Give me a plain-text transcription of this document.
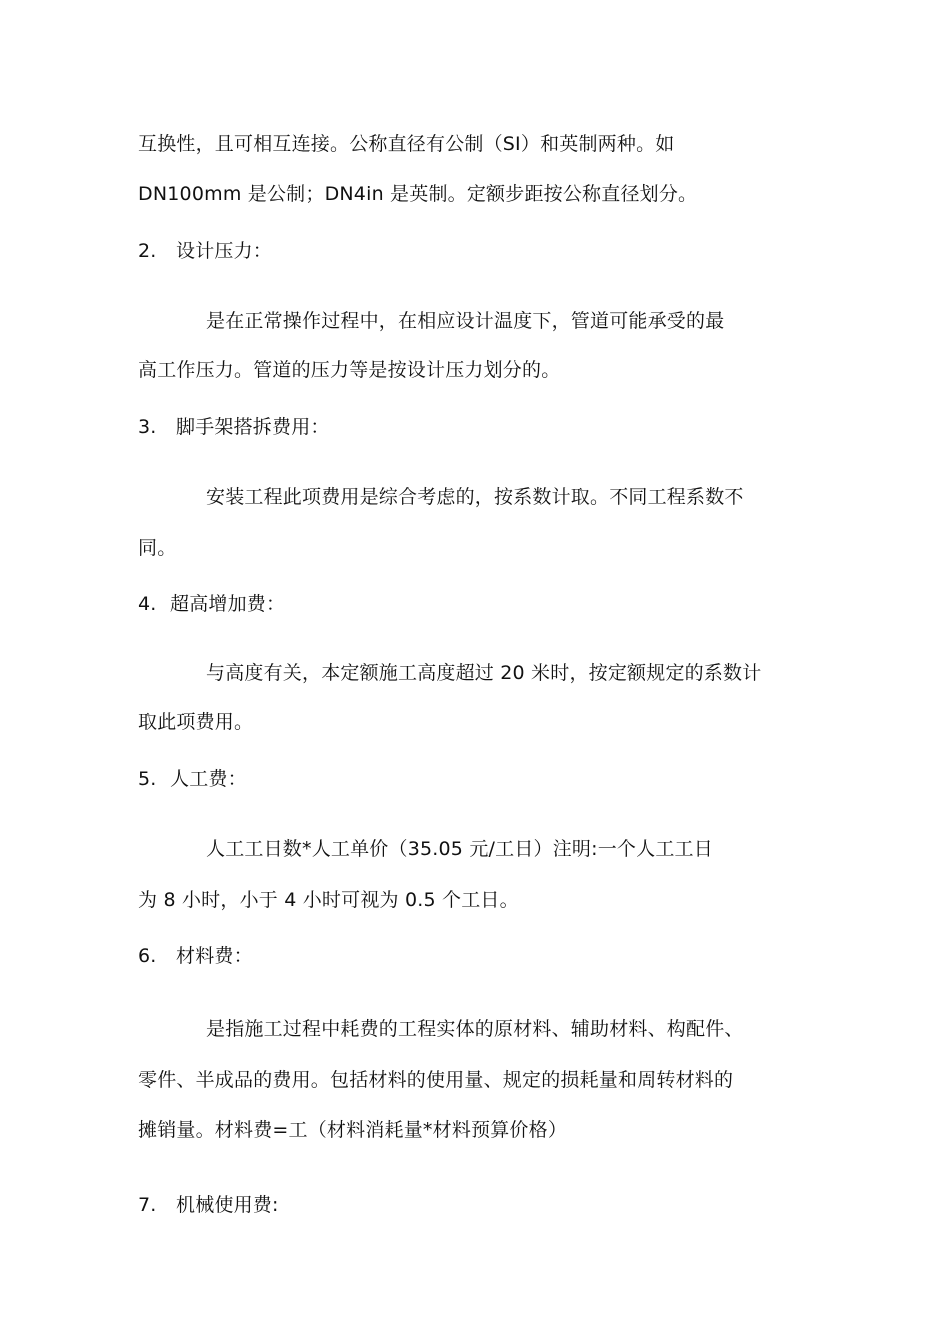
互换性，且可相互连接。公称直径有公制（SI）和英制两种。如
DN100mm 是公制；DN4in 是英制。定额步距按公称直径划分。
2. 设计压力：
是在正常操作过程中，在相应设计温度下，管道可能承受的最
高工作压力。管道的压力等是按设计压力划分的。
3. 脚手架搭拆费用：
安装工程此项费用是综合考虑的，按系数计取。不同工程系数不
同。
4. 超高增加费：
与高度有关，本定额施工高度超过 20 米时，按定额规定的系数计
取此项费用。
5. 人工费：
人工工日数*人工单价（35.05 元/工日）注明:一个人工工日
为 8 小时，小于 4 小时可视为 0.5 个工日。
6. 材料费：
是指施工过程中耗费的工程实体的原材料、辅助材料、构配件、
零件、半成品的费用。包括材料的使用量、规定的损耗量和周转材料的
摊销量。材料费=工（材料消耗量*材料预算价格）
7. 机械使用费:
